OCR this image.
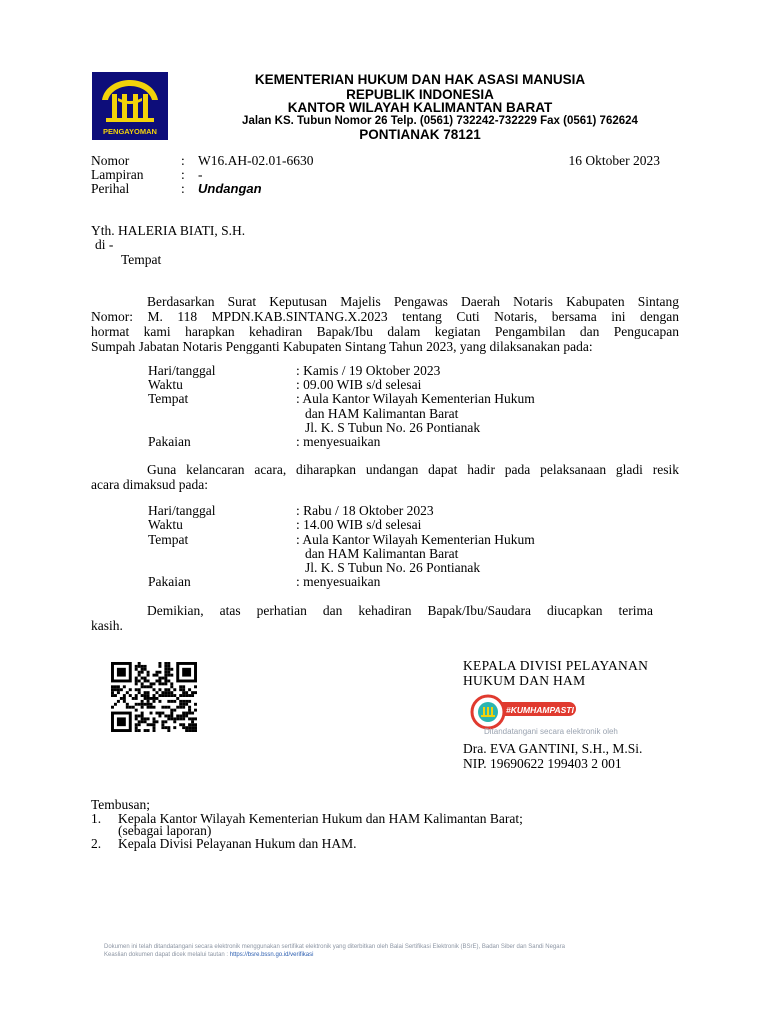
PENGAYOMAN
KEMENTERIAN HUKUM DAN HAK ASASI MANUSIA
REPUBLIK INDONESIA
KANTOR WILAYAH KALIMANTAN BARAT
Jalan KS. Tubun Nomor 26 Telp. (0561) 732242-732229 Fax (0561) 762624
PONTIANAK 78121
Nomor	: W16.AH-02.01-6630	16 Oktober 2023
Lampiran	: -
Perihal	: Undangan
Yth. HALERIA BIATI, S.H.
di -
Tempat
Berdasarkan Surat Keputusan Majelis Pengawas Daerah Notaris Kabupaten Sintang
Nomor: M. 118 MPDN.KAB.SINTANG.X.2023 tentang Cuti Notaris, bersama ini dengan
hormat kami harapkan kehadiran Bapak/Ibu dalam kegiatan Pengambilan dan Pengucapan
Sumpah Jabatan Notaris Pengganti Kabupaten Sintang Tahun 2023, yang dilaksanakan pada:
Hari/tanggal	: Kamis / 19 Oktober 2023
Waktu	: 09.00 WIB s/d selesai
Tempat	: Aula Kantor Wilayah Kementerian Hukum
dan HAM Kalimantan Barat
Jl. K. S Tubun No. 26 Pontianak
Pakaian	: menyesuaikan
Guna kelancaran acara, diharapkan undangan dapat hadir pada pelaksanaan gladi resik
acara dimaksud pada:
Hari/tanggal	: Rabu / 18 Oktober 2023
Waktu	: 14.00 WIB s/d selesai
Tempat	: Aula Kantor Wilayah Kementerian Hukum
dan HAM Kalimantan Barat
Jl. K. S Tubun No. 26 Pontianak
Pakaian	: menyesuaikan
Demikian, atas perhatian dan kehadiran Bapak/Ibu/Saudara diucapkan terima
kasih.
KEPALA DIVISI PELAYANAN
HUKUM DAN HAM
#KUMHAMPASTI
Ditandatangani secara elektronik oleh
Dra. EVA GANTINI, S.H., M.Si.
NIP. 19690622 199403 2 001
Tembusan;
1. Kepala Kantor Wilayah Kementerian Hukum dan HAM Kalimantan Barat;
(sebagai laporan)
2. Kepala Divisi Pelayanan Hukum dan HAM.
Dokumen ini telah ditandatangani secara elektronik menggunakan sertifikat elektronik yang diterbitkan oleh Balai Sertifikasi Elektronik (BSrE), Badan Siber dan Sandi Negara
Keaslian dokumen dapat dicek melalui tautan : https://bsre.bssn.go.id/verifikasi
